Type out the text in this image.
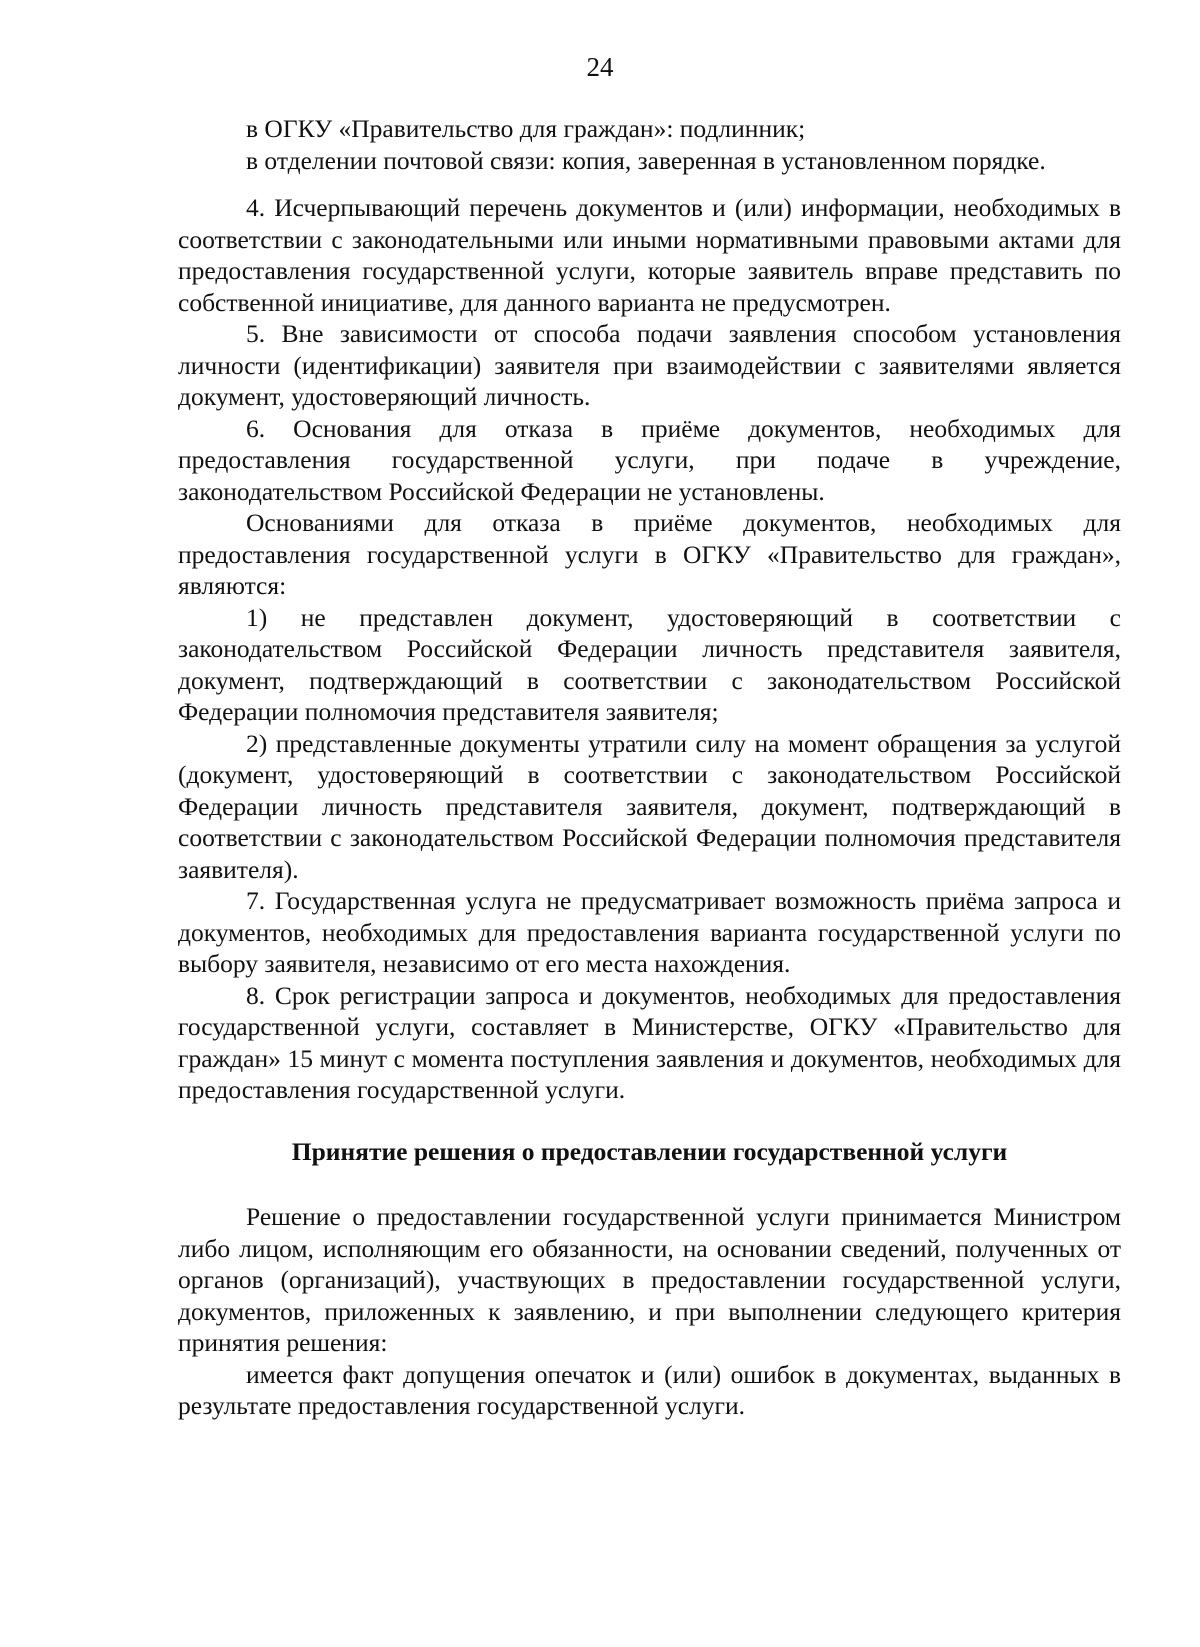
24

в ОГКУ «Правительство для граждан»: подлинник;

в отделении почтовой связи: копия, заверенная в установленном порядке.

4. Исчерпывающий перечень документов и (или) информации, необходимых в соответствии с законодательными или иными нормативными правовыми актами для предоставления государственной услуги, которые заявитель вправе представить по собственной инициативе, для данного варианта не предусмотрен.

5. Вне зависимости от способа подачи заявления способом установления личности (идентификации) заявителя при взаимодействии с заявителями является документ, удостоверяющий личность.

6. Основания для отказа в приёме документов, необходимых для предоставления государственной услуги, при подаче в учреждение, законодательством Российской Федерации не установлены.

Основаниями для отказа в приёме документов, необходимых для предоставления государственной услуги в ОГКУ «Правительство для граждан», являются:

1) не представлен документ, удостоверяющий в соответствии с законодательством Российской Федерации личность представителя заявителя, документ, подтверждающий в соответствии с законодательством Российской Федерации полномочия представителя заявителя;

2) представленные документы утратили силу на момент обращения за услугой (документ, удостоверяющий в соответствии с законодательством Российской Федерации личность представителя заявителя, документ, подтверждающий в соответствии с законодательством Российской Федерации полномочия представителя заявителя).

7. Государственная услуга не предусматривает возможность приёма запроса и документов, необходимых для предоставления варианта государственной услуги по выбору заявителя, независимо от его места нахождения.

8. Срок регистрации запроса и документов, необходимых для предоставления государственной услуги, составляет в Министерстве, ОГКУ «Правительство для граждан» 15 минут с момента поступления заявления и документов, необходимых для предоставления государственной услуги.

Принятие решения о предоставлении государственной услуги

Решение о предоставлении государственной услуги принимается Министром либо лицом, исполняющим его обязанности, на основании сведений, полученных от органов (организаций), участвующих в предоставлении государственной услуги, документов, приложенных к заявлению, и при выполнении следующего критерия принятия решения:

имеется факт допущения опечаток и (или) ошибок в документах, выданных в результате предоставления государственной услуги.
